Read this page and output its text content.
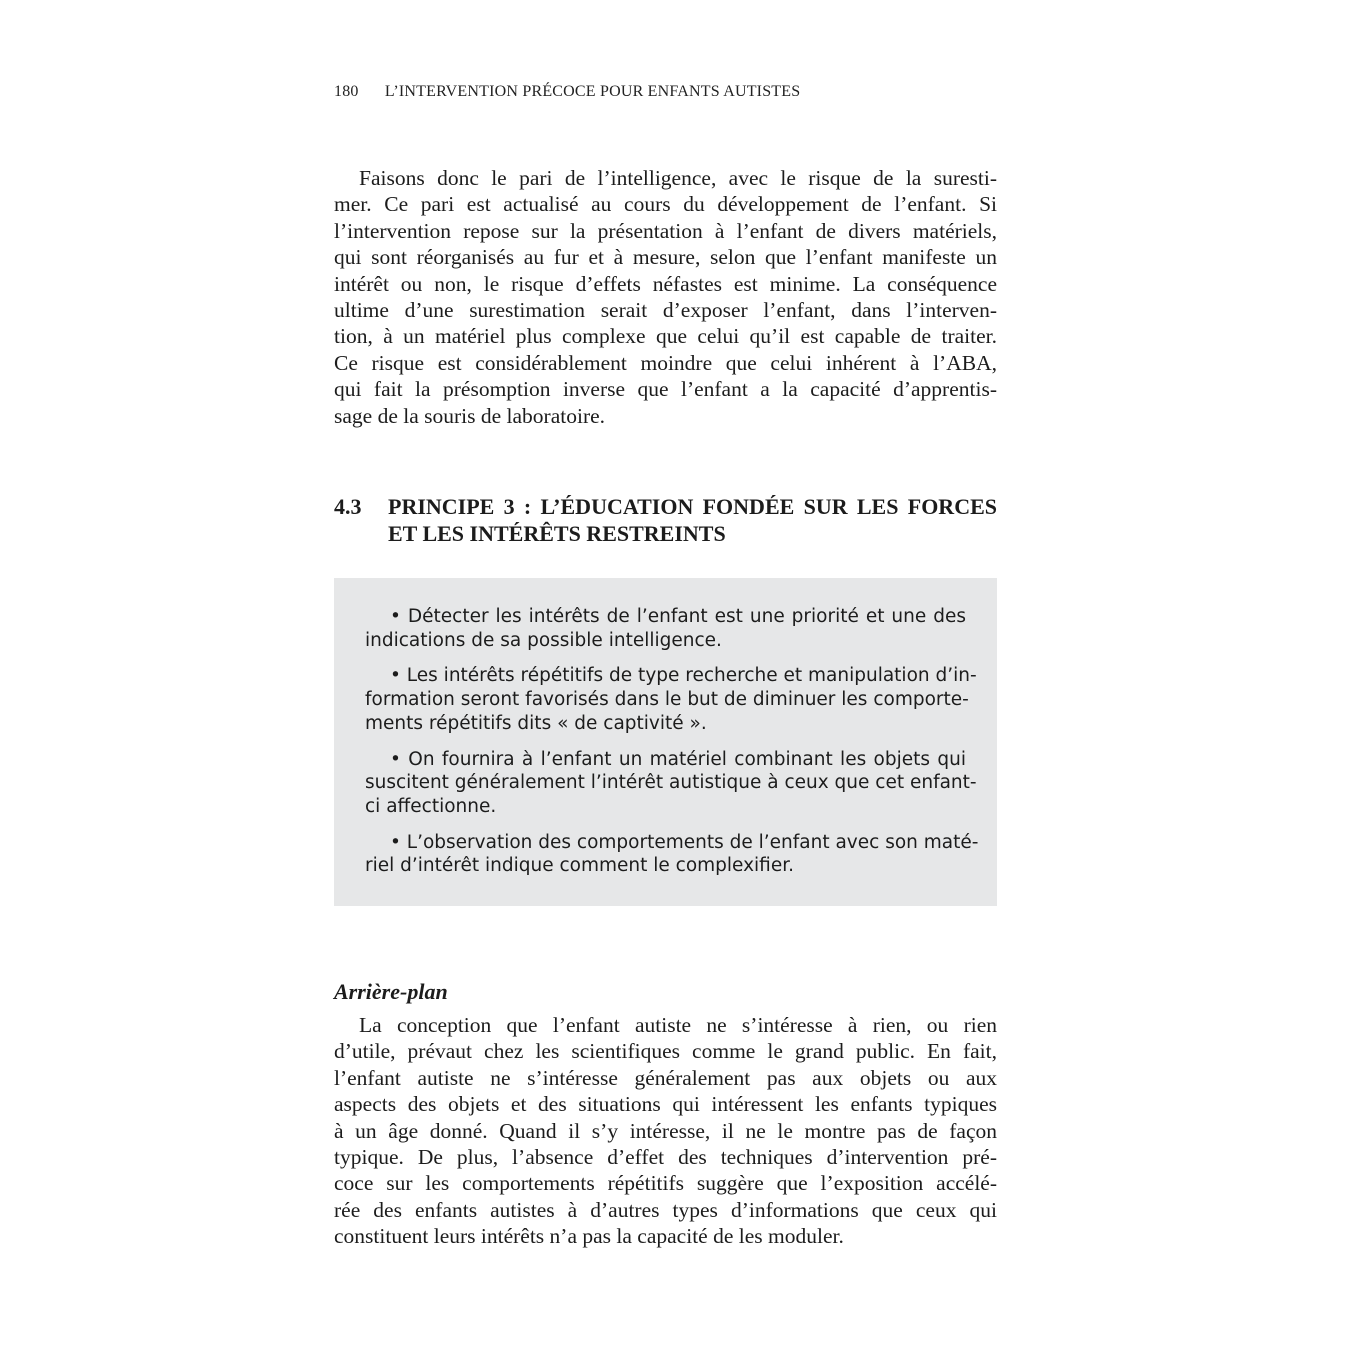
180 L’INTERVENTION PRÉCOCE POUR ENFANTS AUTISTES

Faisons donc le pari de l’intelligence, avec le risque de la suresti-
mer. Ce pari est actualisé au cours du développement de l’enfant. Si
l’intervention repose sur la présentation à l’enfant de divers matériels,
qui sont réorganisés au fur et à mesure, selon que l’enfant manifeste un
intérêt ou non, le risque d’effets néfastes est minime. La conséquence
ultime d’une surestimation serait d’exposer l’enfant, dans l’interven-
tion, à un matériel plus complexe que celui qu’il est capable de traiter.
Ce risque est considérablement moindre que celui inhérent à l’ABA,
qui fait la présomption inverse que l’enfant a la capacité d’apprentis-
sage de la souris de laboratoire.

4.3 PRINCIPE 3 : L’ÉDUCATION FONDÉE SUR LES FORCES
ET LES INTÉRÊTS RESTREINTS
• Détecter les intérêts de l’enfant est une priorité et une des
indications de sa possible intelligence.
• Les intérêts répétitifs de type recherche et manipulation d’in-
formation seront favorisés dans le but de diminuer les comporte-
ments répétitifs dits « de captivité ».
• On fournira à l’enfant un matériel combinant les objets qui
suscitent généralement l’intérêt autistique à ceux que cet enfant-
ci affectionne.
• L’observation des comportements de l’enfant avec son maté-
riel d’intérêt indique comment le complexifier.
Arrière-plan

La conception que l’enfant autiste ne s’intéresse à rien, ou rien
d’utile, prévaut chez les scientifiques comme le grand public. En fait,
l’enfant autiste ne s’intéresse généralement pas aux objets ou aux
aspects des objets et des situations qui intéressent les enfants typiques
à un âge donné. Quand il s’y intéresse, il ne le montre pas de façon
typique. De plus, l’absence d’effet des techniques d’intervention pré-
coce sur les comportements répétitifs suggère que l’exposition accélé-
rée des enfants autistes à d’autres types d’informations que ceux qui
constituent leurs intérêts n’a pas la capacité de les moduler.
